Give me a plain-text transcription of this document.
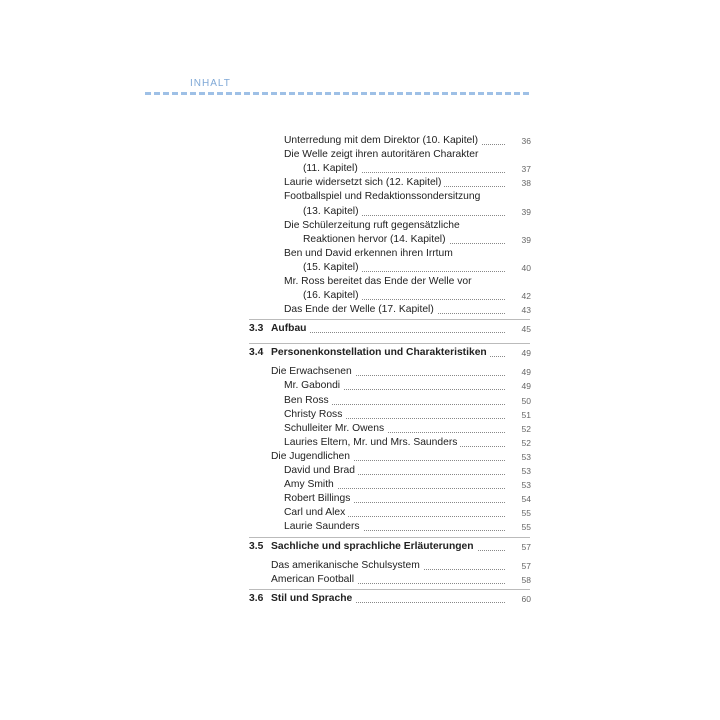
INHALT
Unterredung mit dem Direktor (10. Kapitel)	36
Die Welle zeigt ihren autoritären Charakter
(11. Kapitel)	37
Laurie widersetzt sich (12. Kapitel)	38
Footballspiel und Redaktionssondersitzung
(13. Kapitel)	39
Die Schülerzeitung ruft gegensätzliche
Reaktionen hervor (14. Kapitel)	39
Ben und David erkennen ihren Irrtum
(15. Kapitel)	40
Mr. Ross bereitet das Ende der Welle vor
(16. Kapitel)	42
Das Ende der Welle (17. Kapitel)	43
3.3 Aufbau	45
3.4 Personenkonstellation und Charakteristiken	49
Die Erwachsenen	49
Mr. Gabondi	49
Ben Ross	50
Christy Ross	51
Schulleiter Mr. Owens	52
Lauries Eltern, Mr. und Mrs. Saunders	52
Die Jugendlichen	53
David und Brad	53
Amy Smith	53
Robert Billings	54
Carl und Alex	55
Laurie Saunders	55
3.5 Sachliche und sprachliche Erläuterungen	57
Das amerikanische Schulsystem	57
American Football	58
3.6 Stil und Sprache	60
